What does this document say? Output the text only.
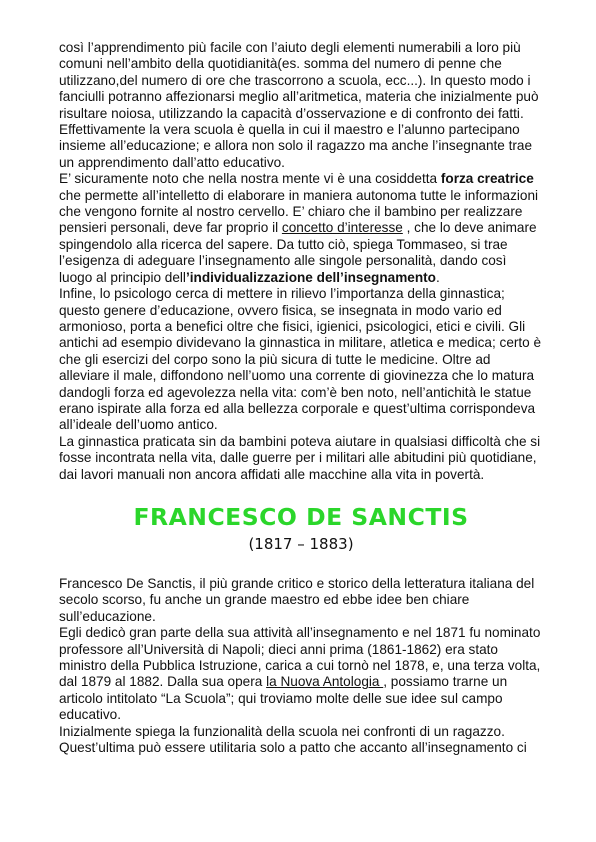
così l’apprendimento più facile con l’aiuto degli elementi numerabili a loro più comuni nell’ambito della quotidianità(es. somma del numero di penne che utilizzano,del numero di ore che trascorrono a scuola, ecc...). In questo modo i fanciulli potranno affezionarsi meglio all’aritmetica, materia che inizialmente può risultare noiosa, utilizzando la capacità d’osservazione e di confronto dei fatti. Effettivamente la vera scuola è quella in cui il maestro e l’alunno partecipano insieme all’educazione; e allora non solo il ragazzo ma anche l’insegnante trae un apprendimento dall’atto educativo.

E’ sicuramente noto che nella nostra mente vi è una cosiddetta forza creatrice che permette all’intelletto di elaborare in maniera autonoma tutte le informazioni che vengono fornite al nostro cervello. E’ chiaro che il bambino per realizzare pensieri personali, deve far proprio il concetto d’interesse , che lo deve animare spingendolo alla ricerca del sapere. Da tutto ciò, spiega Tommaseo, si trae l’esigenza di adeguare l’insegnamento alle singole personalità, dando così luogo al principio dell’individualizzazione dell’insegnamento.

Infine, lo psicologo cerca di mettere in rilievo l’importanza della ginnastica; questo genere d’educazione, ovvero fisica, se insegnata in modo vario ed armonioso, porta a benefici oltre che fisici, igienici, psicologici, etici e civili. Gli antichi ad esempio dividevano la ginnastica in militare, atletica e medica; certo è che gli esercizi del corpo sono la più sicura di tutte le medicine. Oltre ad alleviare il male, diffondono nell’uomo una corrente di giovinezza che lo matura dandogli forza ed agevolezza nella vita: com’è ben noto, nell’antichità le statue erano ispirate alla forza ed alla bellezza corporale e quest’ultima corrispondeva all’ideale dell’uomo antico.

La ginnastica praticata sin da bambini poteva aiutare in qualsiasi difficoltà che si fosse incontrata nella vita, dalle guerre per i militari alle abitudini più quotidiane, dai lavori manuali non ancora affidati alle macchine alla vita in povertà.

FRANCESCO DE SANCTIS
(1817 – 1883)

Francesco De Sanctis, il più grande critico e storico della letteratura italiana del secolo scorso, fu anche un grande maestro ed ebbe idee ben chiare sull’educazione.

Egli dedicò gran parte della sua attività all’insegnamento e nel 1871 fu nominato professore all’Università di Napoli; dieci anni prima (1861-1862) era stato ministro della Pubblica Istruzione, carica a cui tornò nel 1878, e, una terza volta, dal 1879 al 1882. Dalla sua opera la Nuova Antologia , possiamo trarne un articolo intitolato “La Scuola”; qui troviamo molte delle sue idee sul campo educativo.

Inizialmente spiega la funzionalità della scuola nei confronti di un ragazzo. Quest’ultima può essere utilitaria solo a patto che accanto all’insegnamento ci
